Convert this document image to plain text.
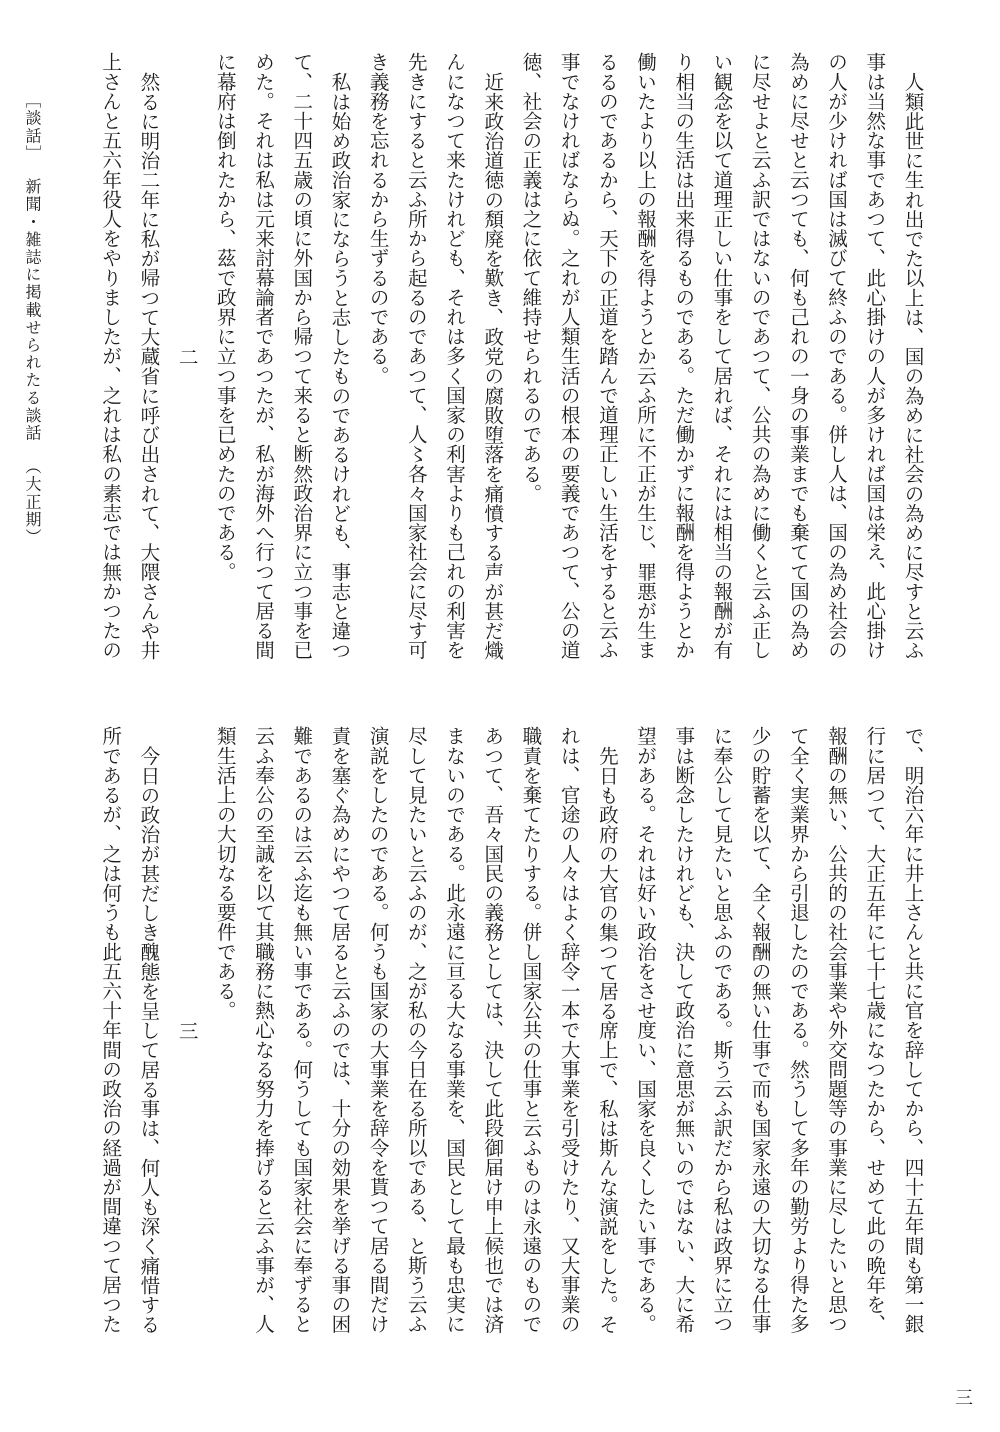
［談話］新聞・雑誌に掲載せられたる談話（大正期）	人類此世に生れ出でた以上は、国の為めに社会の為めに尽すと云ふ
事は当然な事であつて、此心掛けの人が多ければ国は栄え、此心掛け
の人が少ければ国は滅びて終ふのである。併し人は、国の為め社会の
為めに尽せと云つても、何も己れの一身の事業までも棄てて国の為め
に尽せよと云ふ訳ではないのであつて、公共の為めに働くと云ふ正し
い観念を以て道理正しい仕事をして居れば、それには相当の報酬が有
り相当の生活は出来得るものである。ただ働かずに報酬を得ようとか
働いたより以上の報酬を得ようとか云ふ所に不正が生じ、罪悪が生ま
るるのであるから、天下の正道を踏んで道理正しい生活をすると云ふ
事でなければならぬ。之れが人類生活の根本の要義であつて、公の道
徳、社会の正義は之に依て維持せられるのである。
近来政治道徳の頽廃を歎き、政党の腐敗堕落を痛憤する声が甚だ熾
んになつて来たけれども、それは多く国家の利害よりも己れの利害を
先きにすると云ふ所から起るのであつて、人〻各々国家社会に尽す可
き義務を忘れるから生ずるのである。
私は始め政治家にならうと志したものであるけれども、事志と違つ
て、二十四五歳の頃に外国から帰つて来ると断然政治界に立つ事を已
めた。それは私は元来討幕論者であつたが、私が海外へ行つて居る間
に幕府は倒れたから、茲で政界に立つ事を已めたのである。
二
然るに明治二年に私が帰つて大蔵省に呼び出されて、大隈さんや井
上さんと五六年役人をやりましたが、之れは私の素志では無かつたの
で、明治六年に井上さんと共に官を辞してから、四十五年間も第一銀
行に居つて、大正五年に七十七歳になつたから、せめて此の晩年を、
報酬の無い、公共的の社会事業や外交問題等の事業に尽したいと思つ
て全く実業界から引退したのである。然うして多年の勤労より得た多
少の貯蓄を以て、全く報酬の無い仕事で而も国家永遠の大切なる仕事
に奉公して見たいと思ふのである。斯う云ふ訳だから私は政界に立つ
事は断念したけれども、決して政治に意思が無いのではない、大に希
望がある。それは好い政治をさせ度い、国家を良くしたい事である。
先日も政府の大官の集つて居る席上で、私は斯んな演説をした。そ
れは、官途の人々はよく辞令一本で大事業を引受けたり、又大事業の
職責を棄てたりする。併し国家公共の仕事と云ふものは永遠のもので
あつて、吾々国民の義務としては、決して此段御届け申上候也では済
まないのである。此永遠に亘る大なる事業を、国民として最も忠実に
尽して見たいと云ふのが、之が私の今日在る所以である、と斯う云ふ
演説をしたのである。何うも国家の大事業を辞令を貰つて居る間だけ
責を塞ぐ為めにやつて居ると云ふのでは、十分の効果を挙げる事の困
難であるのは云ふ迄も無い事である。何うしても国家社会に奉ずると
云ふ奉公の至誠を以て其職務に熱心なる努力を捧げると云ふ事が、人
類生活上の大切なる要件である。
三
今日の政治が甚だしき醜態を呈して居る事は、何人も深く痛惜する
所であるが、之は何うも此五六十年間の政治の経過が間違つて居つた
三
